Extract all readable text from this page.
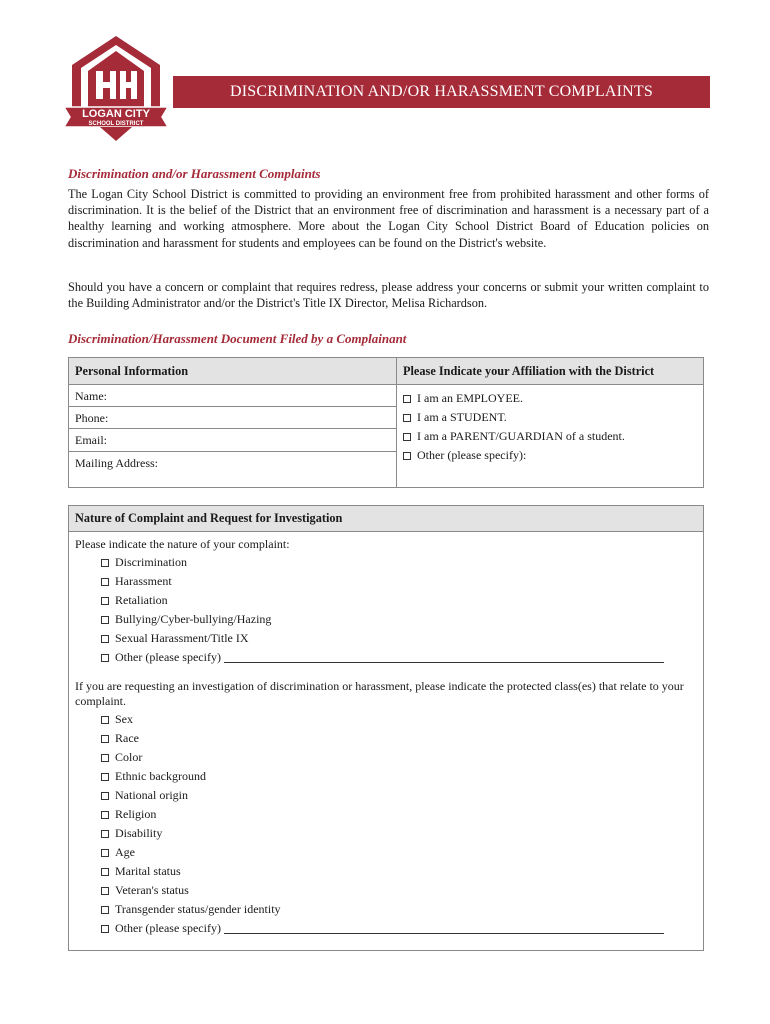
LOGAN CITY
SCHOOL DISTRICT
DISCRIMINATION AND/OR HARASSMENT COMPLAINTS
Discrimination and/or Harassment Complaints

The Logan City School District is committed to providing an environment free from prohibited harassment and other forms of discrimination. It is the belief of the District that an environment free of discrimination and harassment is a necessary part of a healthy learning and working atmosphere. More about the Logan City School District Board of Education policies on discrimination and harassment for students and employees can be found on the District's website.

Should you have a concern or complaint that requires redress, please address your concerns or submit your written complaint to the Building Administrator and/or the District's Title IX Director, Melisa Richardson.

Discrimination/Harassment Document Filed by a Complainant
Personal Information	Please Indicate your Affiliation with the District
Name:
Phone:
Email:
Mailing Address:
I am an EMPLOYEE.
I am a STUDENT.
I am a PARENT/GUARDIAN of a student.
Other (please specify):
Nature of Complaint and Request for Investigation
Please indicate the nature of your complaint:
Discrimination
Harassment
Retaliation
Bullying/Cyber-bullying/Hazing
Sexual Harassment/Title IX
Other (please specify)
If you are requesting an investigation of discrimination or harassment, please indicate the protected class(es) that relate to your complaint.
Sex
Race
Color
Ethnic background
National origin
Religion
Disability
Age
Marital status
Veteran's status
Transgender status/gender identity
Other (please specify)
